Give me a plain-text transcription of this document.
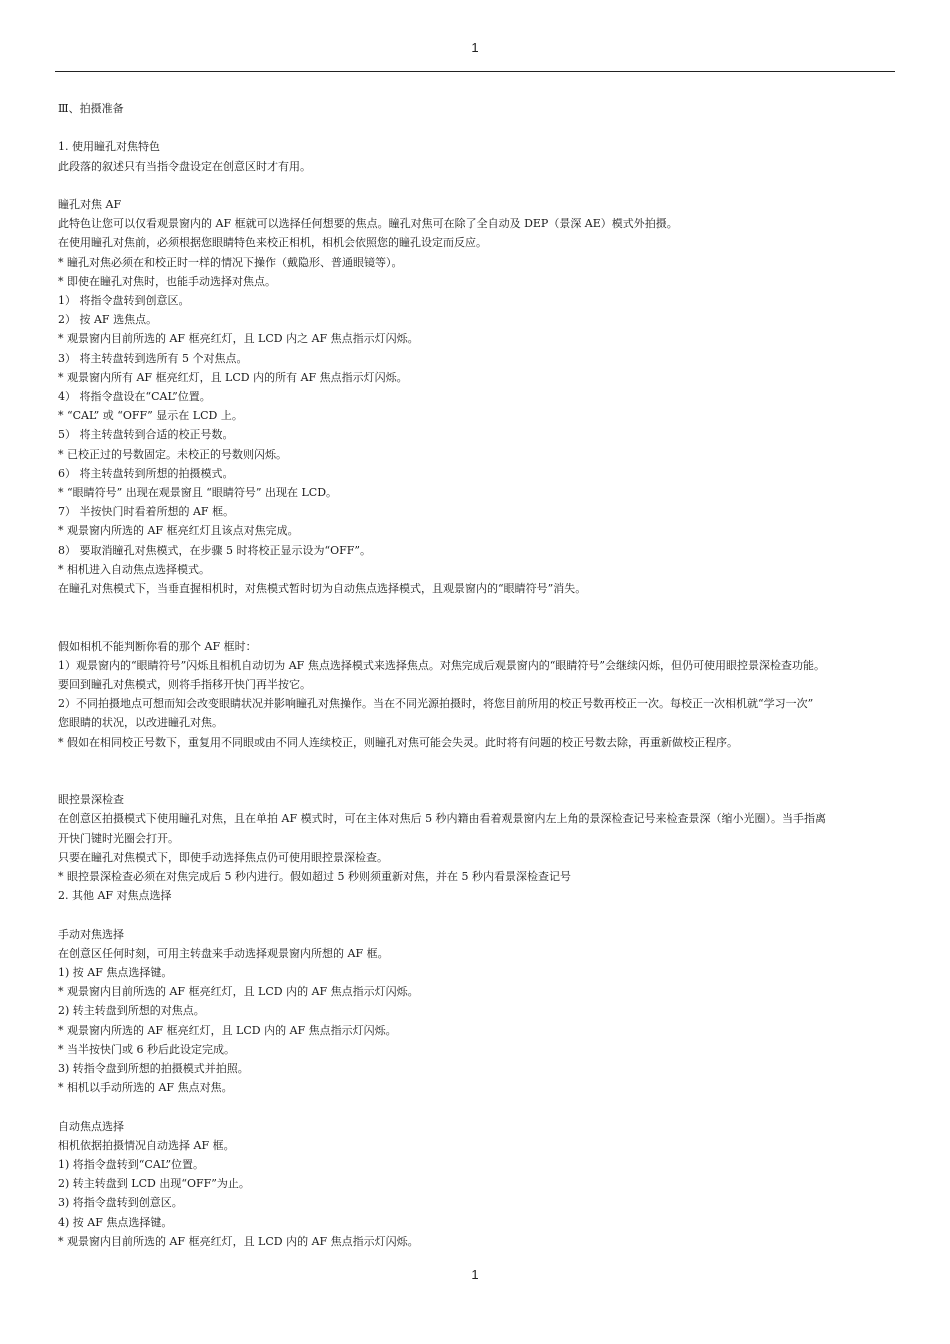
1
Ⅲ、拍摄准备
1. 使用瞳孔对焦特色
此段落的叙述只有当指令盘设定在创意区时才有用。
瞳孔对焦 AF
此特色让您可以仅看观景窗内的 AF 框就可以选择任何想要的焦点。瞳孔对焦可在除了全自动及 DEP（景深 AE）模式外拍摄。
在使用瞳孔对焦前，必须根据您眼睛特色来校正相机，相机会依照您的瞳孔设定而反应。
* 瞳孔对焦必须在和校正时一样的情况下操作（戴隐形、普通眼镜等）。
* 即使在瞳孔对焦时，也能手动选择对焦点。
1） 将指令盘转到创意区。
2） 按 AF 选焦点。
* 观景窗内目前所选的 AF 框亮红灯，且 LCD 内之 AF 焦点指示灯闪烁。
3） 将主转盘转到选所有 5 个对焦点。
* 观景窗内所有 AF 框亮红灯，且 LCD 内的所有 AF 焦点指示灯闪烁。
4） 将指令盘设在“CAL”位置。
* “CAL” 或 “OFF” 显示在 LCD 上。
5） 将主转盘转到合适的校正号数。
* 已校正过的号数固定。未校正的号数则闪烁。
6） 将主转盘转到所想的拍摄模式。
* “眼睛符号” 出现在观景窗且 “眼睛符号” 出现在 LCD。
7） 半按快门时看着所想的 AF 框。
* 观景窗内所选的 AF 框亮红灯且该点对焦完成。
8） 要取消瞳孔对焦模式，在步骤 5 时将校正显示设为“OFF”。
* 相机进入自动焦点选择模式。
在瞳孔对焦模式下，当垂直握相机时，对焦模式暂时切为自动焦点选择模式，且观景窗内的“眼睛符号”消失。
假如相机不能判断你看的那个 AF 框时：
1）观景窗内的“眼睛符号”闪烁且相机自动切为 AF 焦点选择模式来选择焦点。对焦完成后观景窗内的“眼睛符号”会继续闪烁，但仍可使用眼控景深检查功能。
要回到瞳孔对焦模式，则将手指移开快门再半按它。
2）不同拍摄地点可想而知会改变眼睛状况并影响瞳孔对焦操作。当在不同光源拍摄时，将您目前所用的校正号数再校正一次。每校正一次相机就“学习一次”
您眼睛的状况，以改进瞳孔对焦。
* 假如在相同校正号数下，重复用不同眼或由不同人连续校正，则瞳孔对焦可能会失灵。此时将有问题的校正号数去除，再重新做校正程序。
眼控景深检查
在创意区拍摄模式下使用瞳孔对焦，且在单拍 AF 模式时，可在主体对焦后 5 秒内籍由看着观景窗内左上角的景深检查记号来检查景深（缩小光圈）。当手指离
开快门键时光圈会打开。
只要在瞳孔对焦模式下，即使手动选择焦点仍可使用眼控景深检查。
* 眼控景深检查必须在对焦完成后 5 秒内进行。假如超过 5 秒则须重新对焦，并在 5 秒内看景深检查记号
2. 其他 AF 对焦点选择
手动对焦选择
在创意区任何时刻，可用主转盘来手动选择观景窗内所想的 AF 框。
1) 按 AF 焦点选择键。
* 观景窗内目前所选的 AF 框亮红灯，且 LCD 内的 AF 焦点指示灯闪烁。
2) 转主转盘到所想的对焦点。
* 观景窗内所选的 AF 框亮红灯，且 LCD 内的 AF 焦点指示灯闪烁。
* 当半按快门或 6 秒后此设定完成。
3) 转指令盘到所想的拍摄模式并拍照。
* 相机以手动所选的 AF 焦点对焦。
自动焦点选择
相机依据拍摄情况自动选择 AF 框。
1) 将指令盘转到“CAL”位置。
2) 转主转盘到 LCD 出现“OFF”为止。
3) 将指令盘转到创意区。
4) 按 AF 焦点选择键。
* 观景窗内目前所选的 AF 框亮红灯，且 LCD 内的 AF 焦点指示灯闪烁。
1
